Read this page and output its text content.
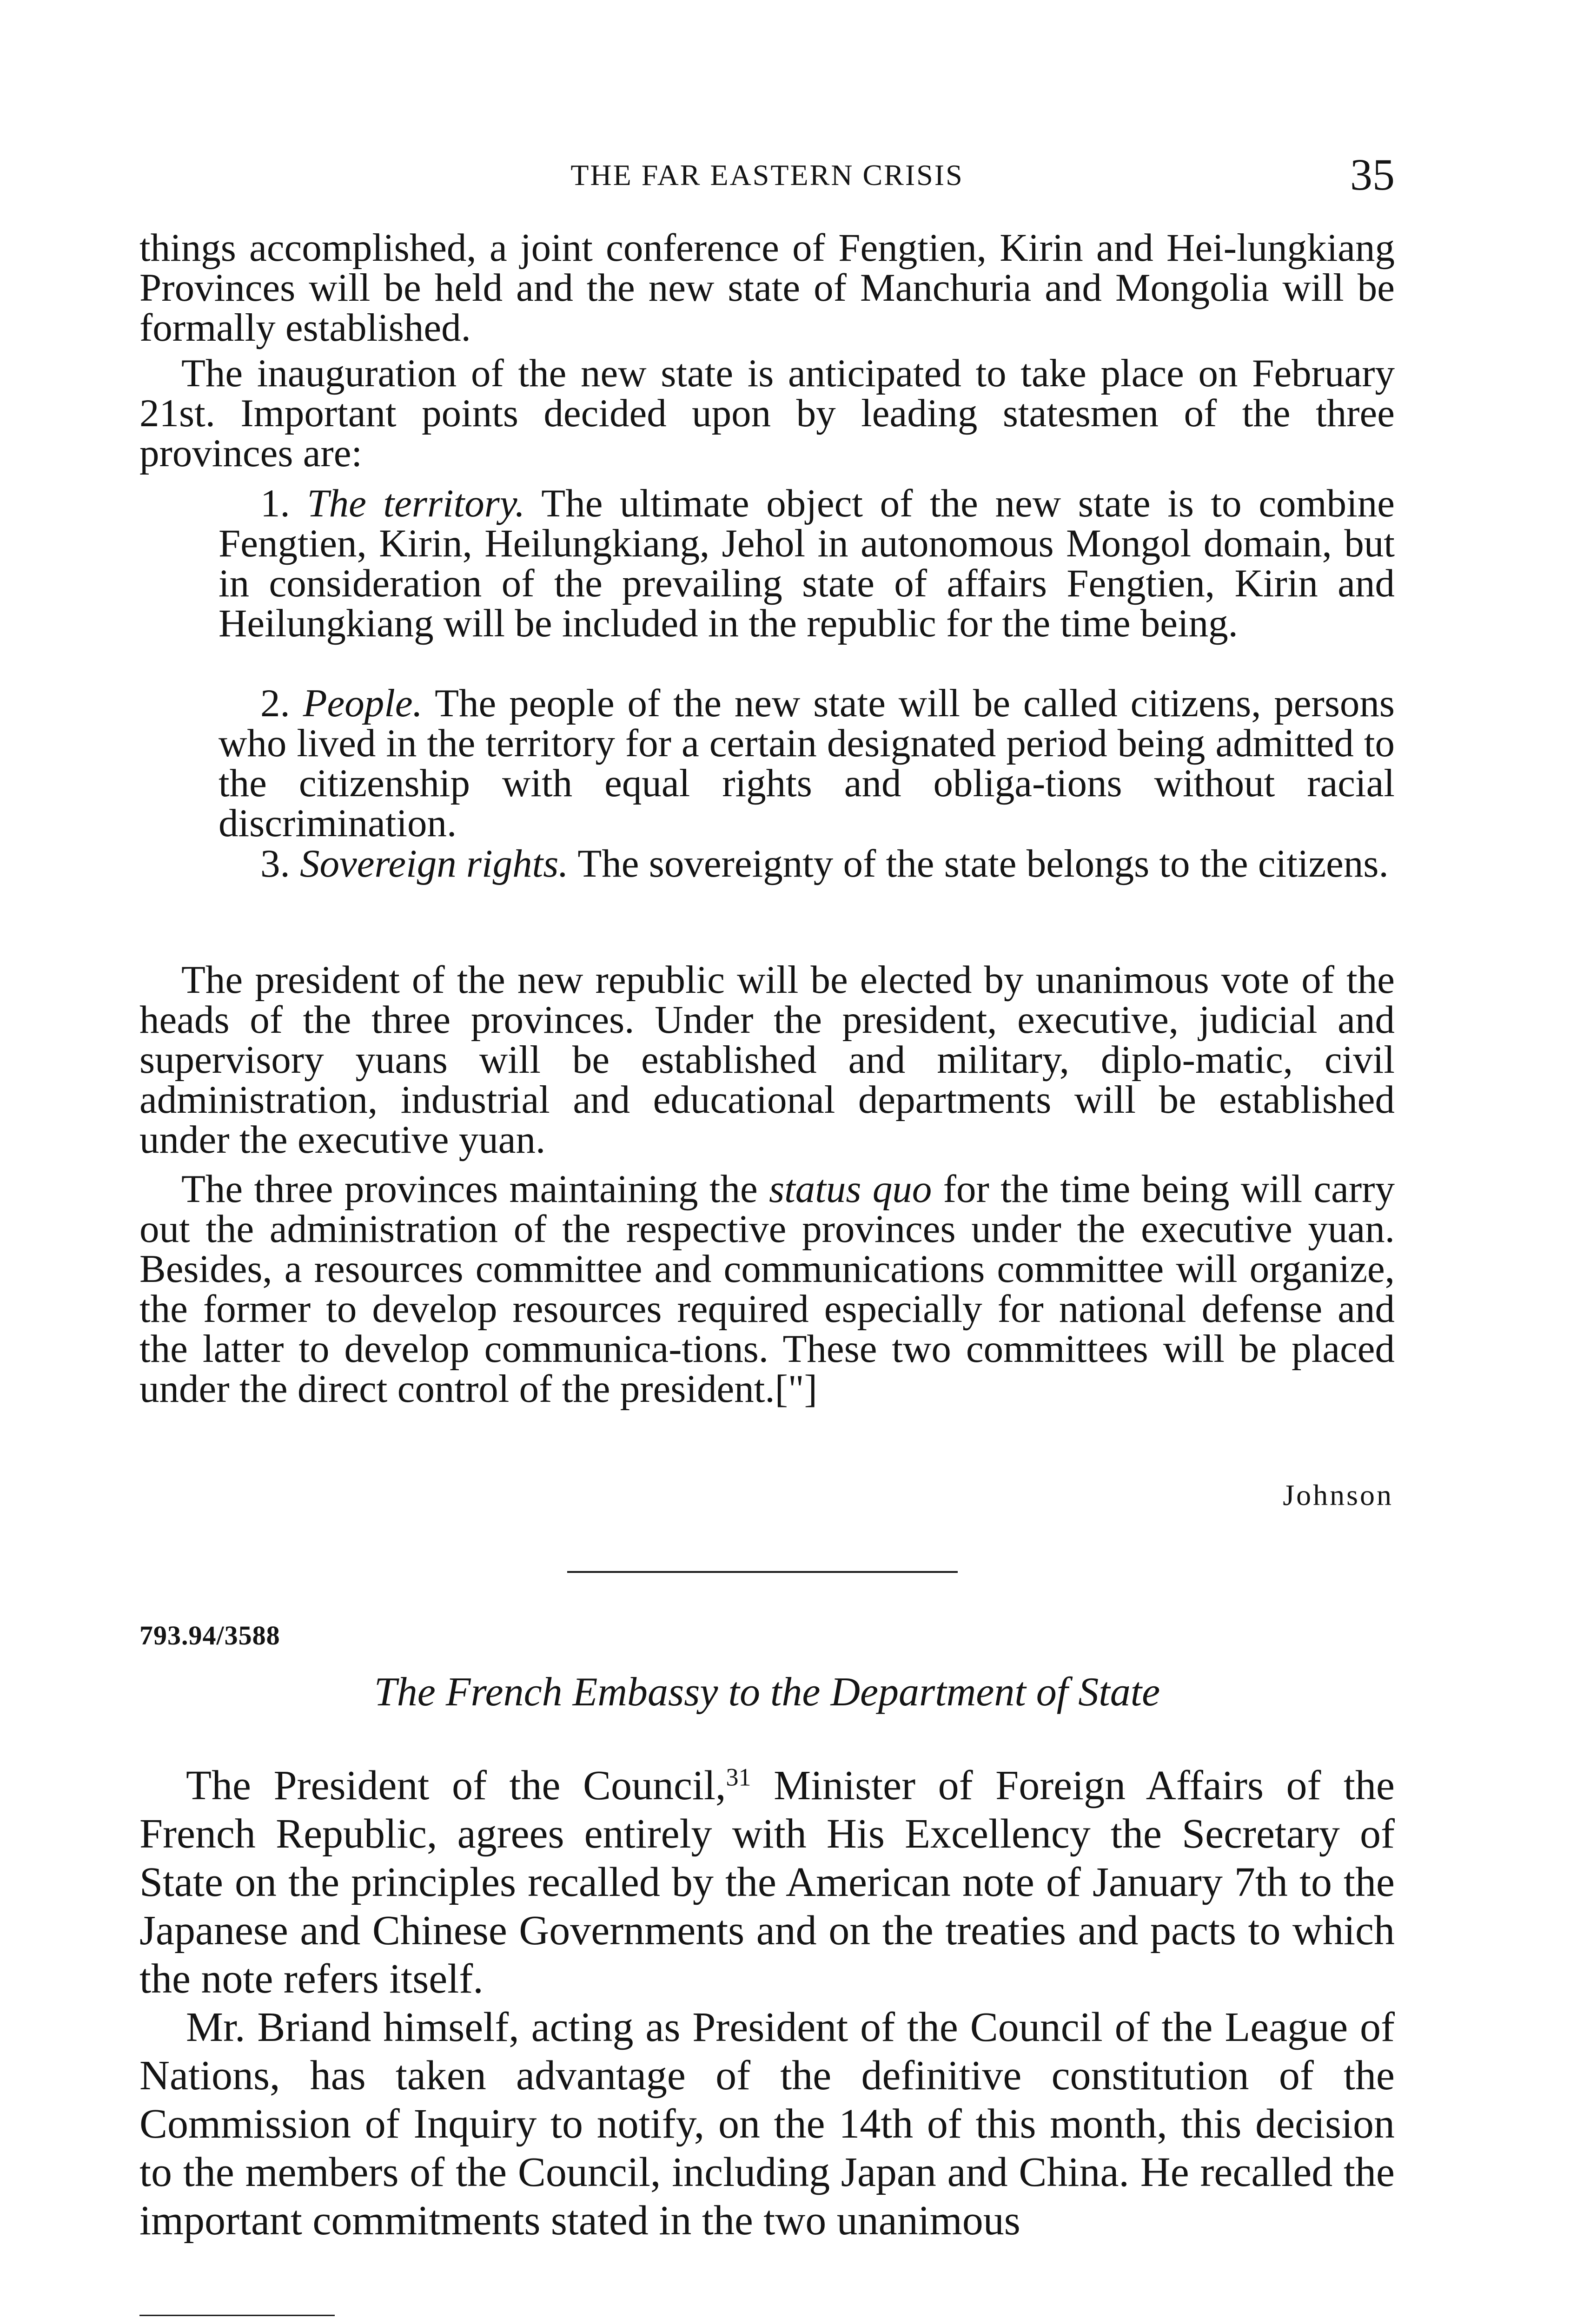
THE FAR EASTERN CRISIS	35

things accomplished, a joint conference of Fengtien, Kirin and Hei-lungkiang Provinces will be held and the new state of Manchuria and Mongolia will be formally established.

The inauguration of the new state is anticipated to take place on February 21st. Important points decided upon by leading statesmen of the three provinces are:

1. The territory. The ultimate object of the new state is to combine Fengtien, Kirin, Heilungkiang, Jehol in autonomous Mongol domain, but in consideration of the prevailing state of affairs Fengtien, Kirin and Heilungkiang will be included in the republic for the time being.

2. People. The people of the new state will be called citizens, persons who lived in the territory for a certain designated period being admitted to the citizenship with equal rights and obliga-tions without racial discrimination.

3. Sovereign rights. The sovereignty of the state belongs to the citizens.

The president of the new republic will be elected by unanimous vote of the heads of the three provinces. Under the president, executive, judicial and supervisory yuans will be established and military, diplo-matic, civil administration, industrial and educational departments will be established under the executive yuan.

The three provinces maintaining the status quo for the time being will carry out the administration of the respective provinces under the executive yuan. Besides, a resources committee and communications committee will organize, the former to develop resources required especially for national defense and the latter to develop communica-tions. These two committees will be placed under the direct control of the president.["]

Johnson
793.94/3588
The French Embassy to the Department of State

The President of the Council,$^{31}$ Minister of Foreign Affairs of the French Republic, agrees entirely with His Excellency the Secretary of State on the principles recalled by the American note of January 7th to the Japanese and Chinese Governments and on the treaties and pacts to which the note refers itself.

Mr. Briand himself, acting as President of the Council of the League of Nations, has taken advantage of the definitive constitution of the Commission of Inquiry to notify, on the 14th of this month, this decision to the members of the Council, including Japan and China. He recalled the important commitments stated in the two unanimous
